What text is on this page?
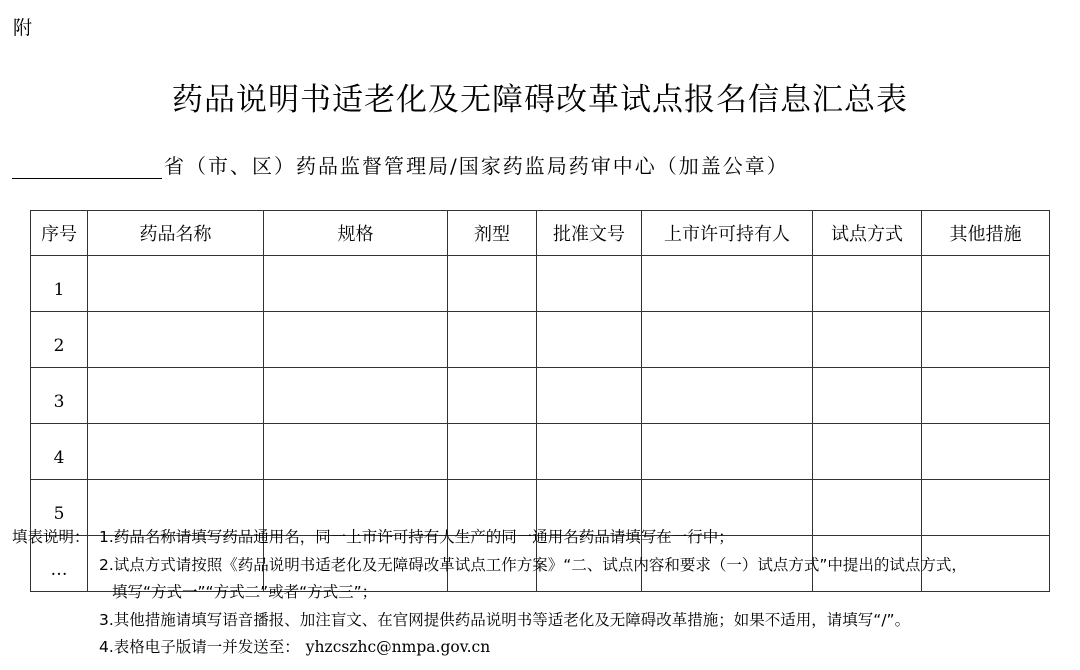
附
药品说明书适老化及无障碍改革试点报名信息汇总表
省（市、区）药品监督管理局/国家药监局药审中心（加盖公章）
序号	药品名称	规格	剂型	批准文号	上市许可持有人	试点方式	其他措施
1							
2							
3							
4							
5							
…							
填表说明： 1.药品名称请填写药品通用名，同一上市许可持有人生产的同一通用名药品请填写在一行中；
2.试点方式请按照《药品说明书适老化及无障碍改革试点工作方案》“二、试点内容和要求（一）试点方式”中提出的试点方式，
填写“方式一”“方式二”或者“方式三”；
3.其他措施请填写语音播报、加注盲文、在官网提供药品说明书等适老化及无障碍改革措施；如果不适用，请填写“/”。
4.表格电子版请一并发送至： yhzcszhc@nmpa.gov.cn
